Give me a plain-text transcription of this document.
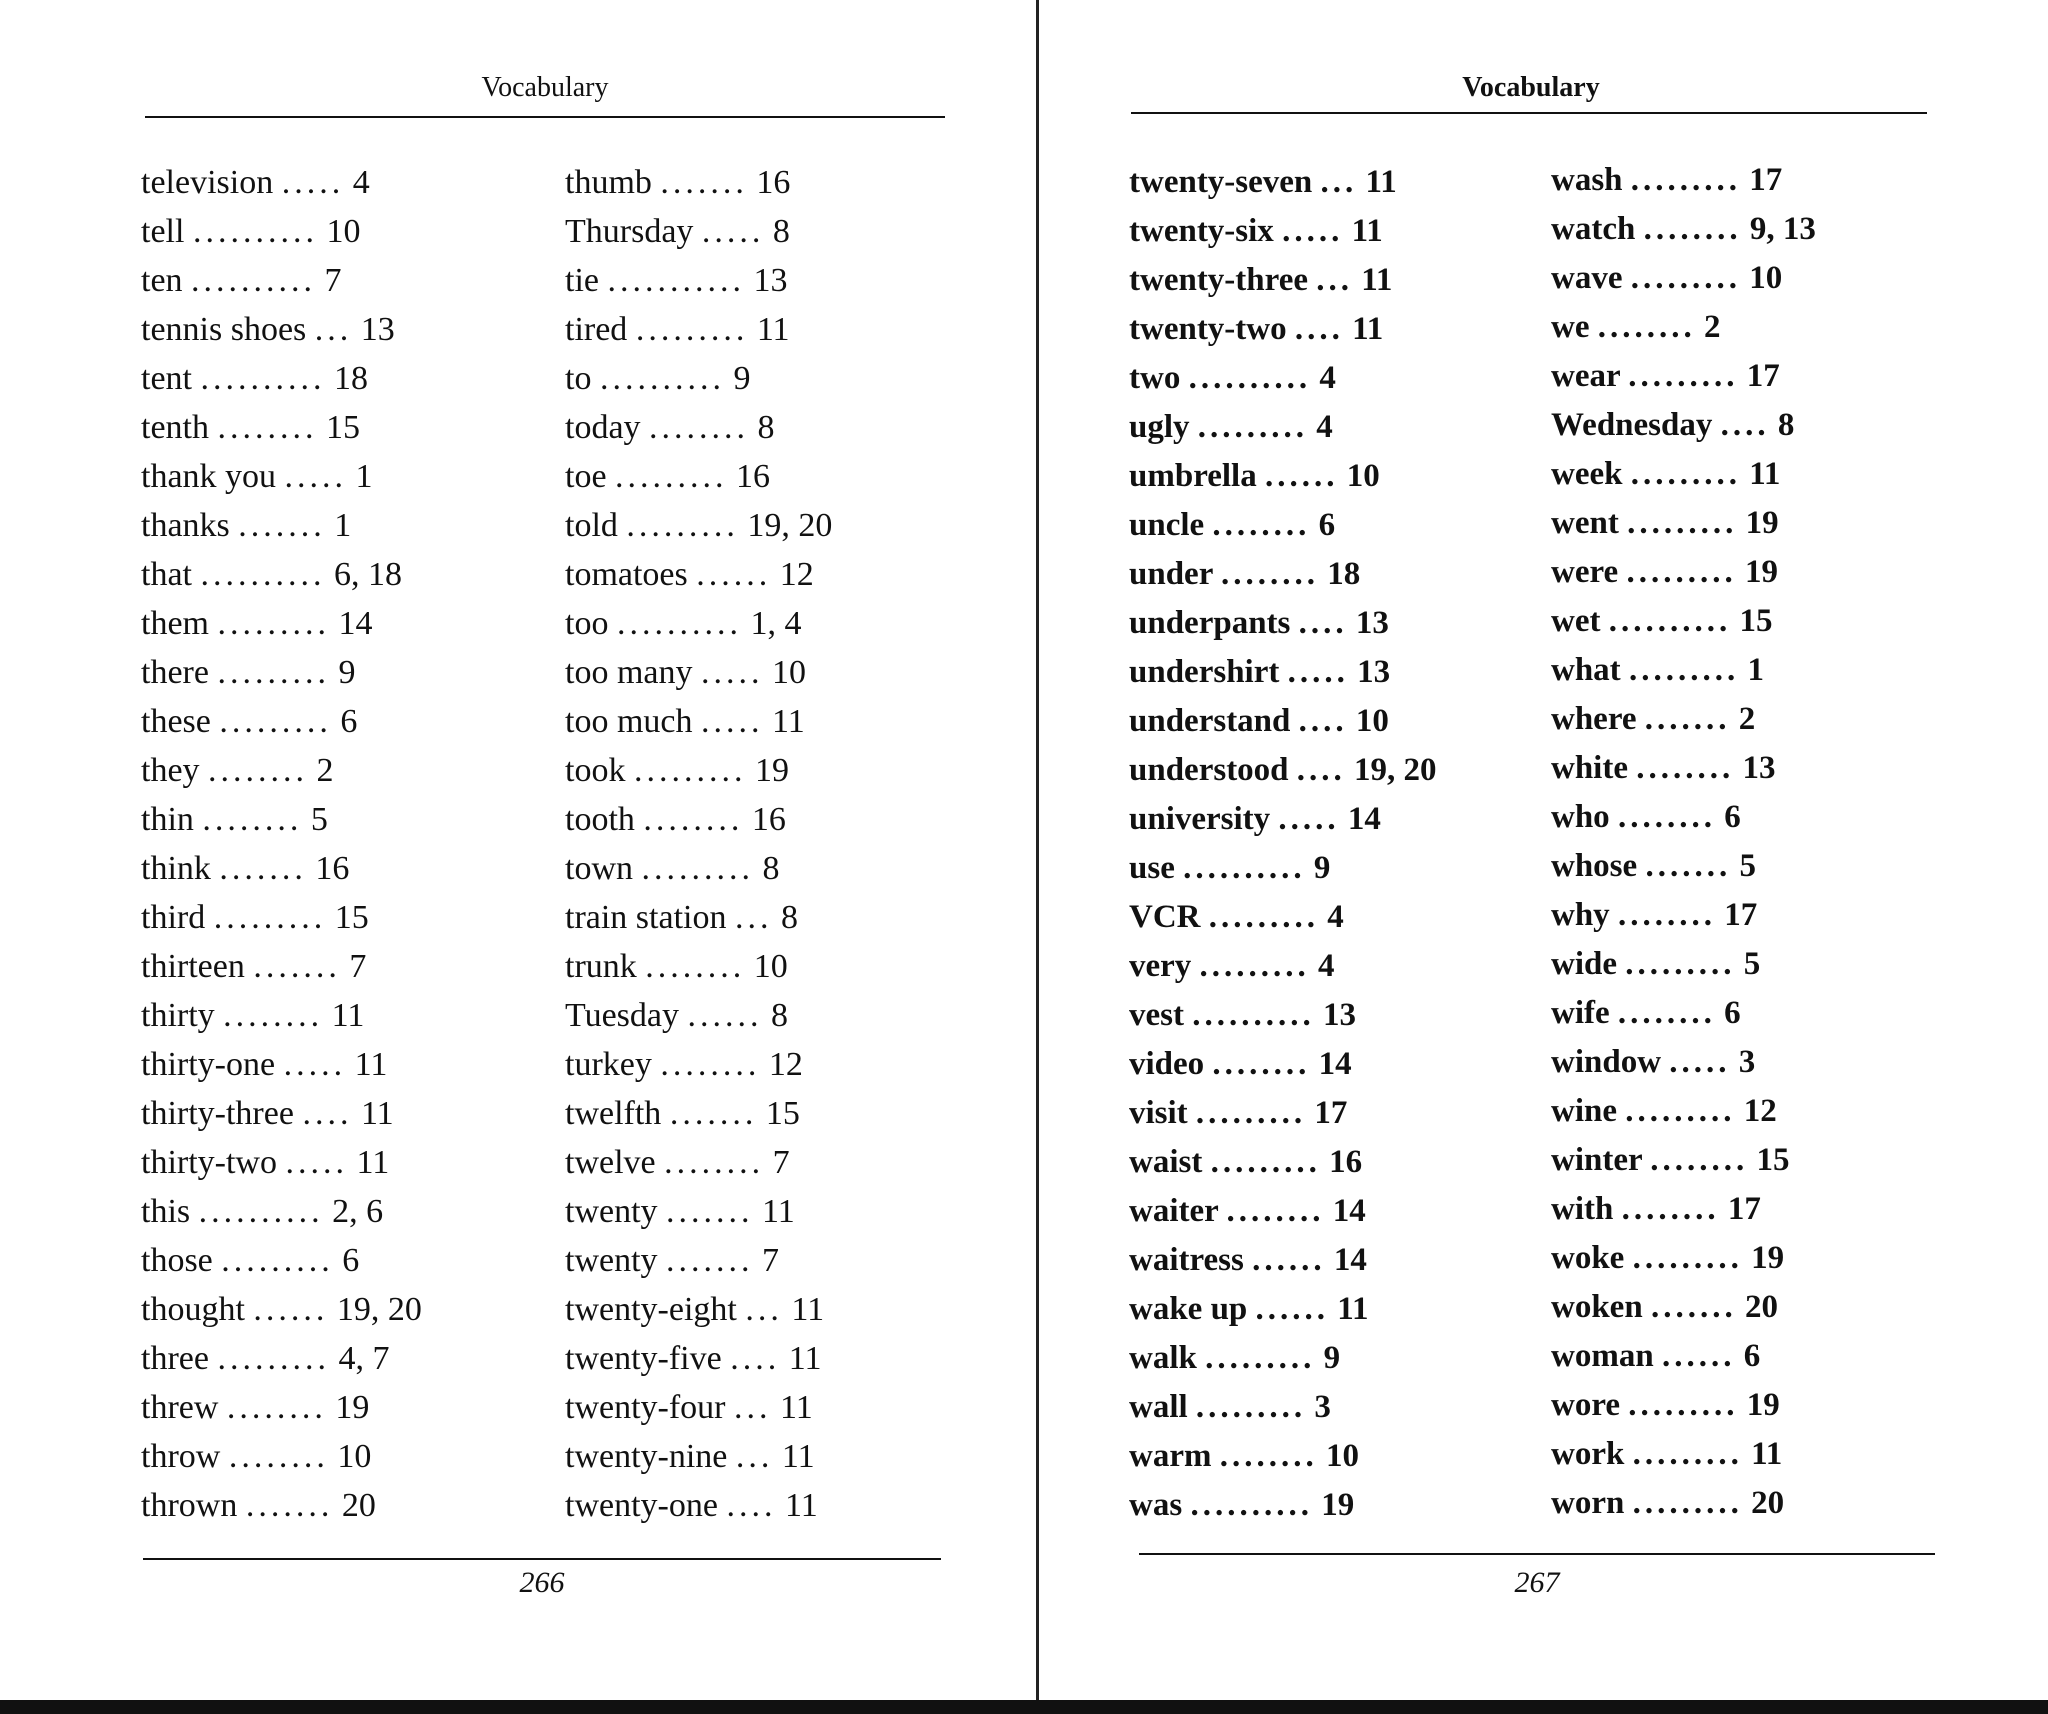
Vocabulary
television ..... 4
tell .......... 10
ten .......... 7
tennis shoes ... 13
tent .......... 18
tenth ........ 15
thank you ..... 1
thanks ....... 1
that .......... 6, 18
them ......... 14
there ......... 9
these ......... 6
they ........ 2
thin ........ 5
think ....... 16
third ......... 15
thirteen ....... 7
thirty ........ 11
thirty-one ..... 11
thirty-three .... 11
thirty-two ..... 11
this .......... 2, 6
those ......... 6
thought ...... 19, 20
three ......... 4, 7
threw ........ 19
throw ........ 10
thrown ....... 20
thumb ....... 16
Thursday ..... 8
tie ........... 13
tired ......... 11
to .......... 9
today ........ 8
toe ......... 16
told ......... 19, 20
tomatoes ...... 12
too .......... 1, 4
too many ..... 10
too much ..... 11
took ......... 19
tooth ........ 16
town ......... 8
train station ... 8
trunk ........ 10
Tuesday ...... 8
turkey ........ 12
twelfth ....... 15
twelve ........ 7
twenty ....... 11
twenty ....... 7
twenty-eight ... 11
twenty-five .... 11
twenty-four ... 11
twenty-nine ... 11
twenty-one .... 11
266
Vocabulary
twenty-seven ... 11
twenty-six ..... 11
twenty-three ... 11
twenty-two .... 11
two .......... 4
ugly ......... 4
umbrella ...... 10
uncle ........ 6
under ........ 18
underpants .... 13
undershirt ..... 13
understand .... 10
understood .... 19, 20
university ..... 14
use .......... 9
VCR ......... 4
very ......... 4
vest .......... 13
video ........ 14
visit ......... 17
waist ......... 16
waiter ........ 14
waitress ...... 14
wake up ...... 11
walk ......... 9
wall ......... 3
warm ........ 10
was .......... 19
wash ......... 17
watch ........ 9, 13
wave ......... 10
we ........ 2
wear ......... 17
Wednesday .... 8
week ......... 11
went ......... 19
were ......... 19
wet .......... 15
what ......... 1
where ....... 2
white ........ 13
who ........ 6
whose ....... 5
why ........ 17
wide ......... 5
wife ........ 6
window ..... 3
wine ......... 12
winter ........ 15
with ........ 17
woke ......... 19
woken ....... 20
woman ...... 6
wore ......... 19
work ......... 11
worn ......... 20
267
